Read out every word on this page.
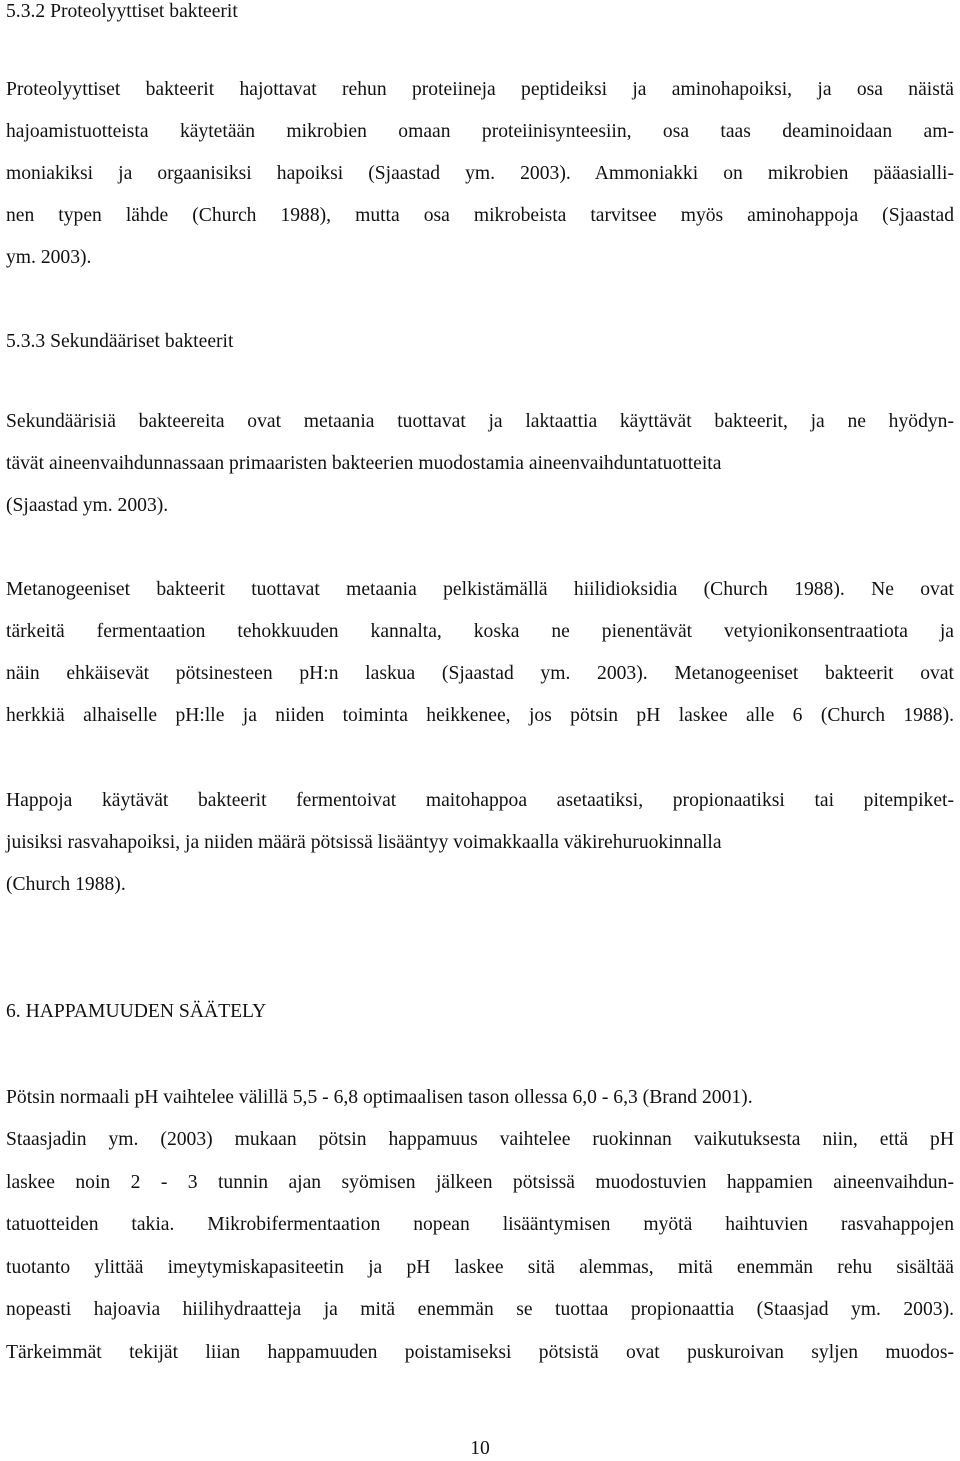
5.3.2 Proteolyyttiset bakteerit
Proteolyyttiset bakteerit hajottavat rehun proteiineja peptideiksi ja aminohapoiksi, ja osa näistä
hajoamistuotteista käytetään mikrobien omaan proteiinisynteesiin, osa taas deaminoidaan am-
moniakiksi ja orgaanisiksi hapoiksi (Sjaastad ym. 2003). Ammoniakki on mikrobien pääasialli-
nen typen lähde (Church 1988), mutta osa mikrobeista tarvitsee myös aminohappoja (Sjaastad
ym. 2003).
5.3.3 Sekundääriset bakteerit
Sekundäärisiä bakteereita ovat metaania tuottavat ja laktaattia käyttävät bakteerit, ja ne hyödyn-
tävät aineenvaihdunnassaan primaaristen bakteerien muodostamia aineenvaihduntatuotteita
(Sjaastad ym. 2003).
Metanogeeniset bakteerit tuottavat metaania pelkistämällä hiilidioksidia (Church 1988). Ne ovat
tärkeitä fermentaation tehokkuuden kannalta, koska ne pienentävät vetyionikonsentraatiota ja
näin ehkäisevät pötsinesteen pH:n laskua (Sjaastad ym. 2003). Metanogeeniset bakteerit ovat
herkkiä alhaiselle pH:lle ja niiden toiminta heikkenee, jos pötsin pH laskee alle 6 (Church 1988).
Happoja käytävät bakteerit fermentoivat maitohappoa asetaatiksi, propionaatiksi tai pitempiket-
juisiksi rasvahapoiksi, ja niiden määrä pötsissä lisääntyy voimakkaalla väkirehuruokinnalla
(Church 1988).
6. HAPPAMUUDEN SÄÄTELY
Pötsin normaali pH vaihtelee välillä 5,5 - 6,8 optimaalisen tason ollessa 6,0 - 6,3 (Brand 2001).
Staasjadin ym. (2003) mukaan pötsin happamuus vaihtelee ruokinnan vaikutuksesta niin, että pH
laskee noin 2 - 3 tunnin ajan syömisen jälkeen pötsissä muodostuvien happamien aineenvaihdun-
tatuotteiden takia. Mikrobifermentaation nopean lisääntymisen myötä haihtuvien rasvahappojen
tuotanto ylittää imeytymiskapasiteetin ja pH laskee sitä alemmas, mitä enemmän rehu sisältää
nopeasti hajoavia hiilihydraatteja ja mitä enemmän se tuottaa propionaattia (Staasjad ym. 2003).
Tärkeimmät tekijät liian happamuuden poistamiseksi pötsistä ovat puskuroivan syljen muodos-
10
